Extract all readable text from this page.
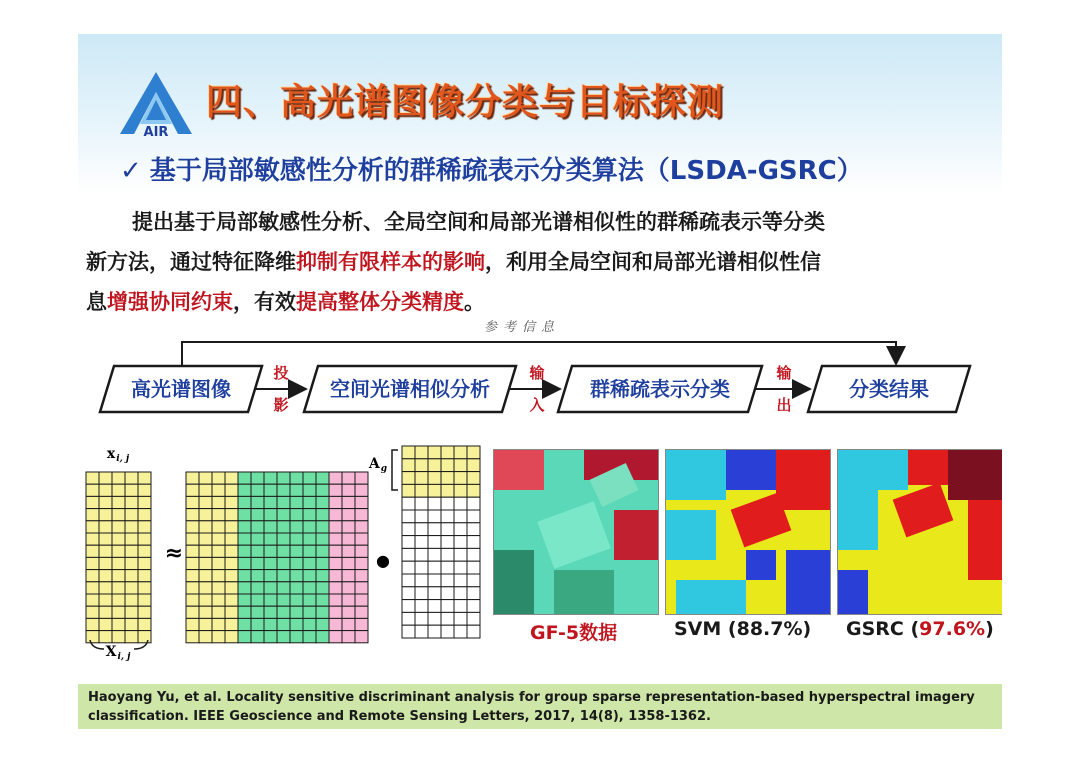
AIR
四、高光谱图像分类与目标探测
✓ 基于局部敏感性分析的群稀疏表示分类算法（LSDA-GSRC）

提出基于局部敏感性分析、全局空间和局部光谱相似性的群稀疏表示等分类

新方法，通过特征降维抑制有限样本的影响，利用全局空间和局部光谱相似性信

息增强协同约束，有效提高整体分类精度。

参考信息
高光谱图像	空间光谱相似分析	群稀疏表示分类	分类结果
投
影
输
入
输
出
$x_{i, j}$
$X_{i, j}$
≈	●
$A_g$
GF-5数据	SVM (88.7%) GSRC (97.6%)

Haoyang Yu, et al. Locality sensitive discriminant analysis for group sparse representation-based hyperspectral imagery
classification. IEEE Geoscience and Remote Sensing Letters, 2017, 14(8), 1358-1362.
